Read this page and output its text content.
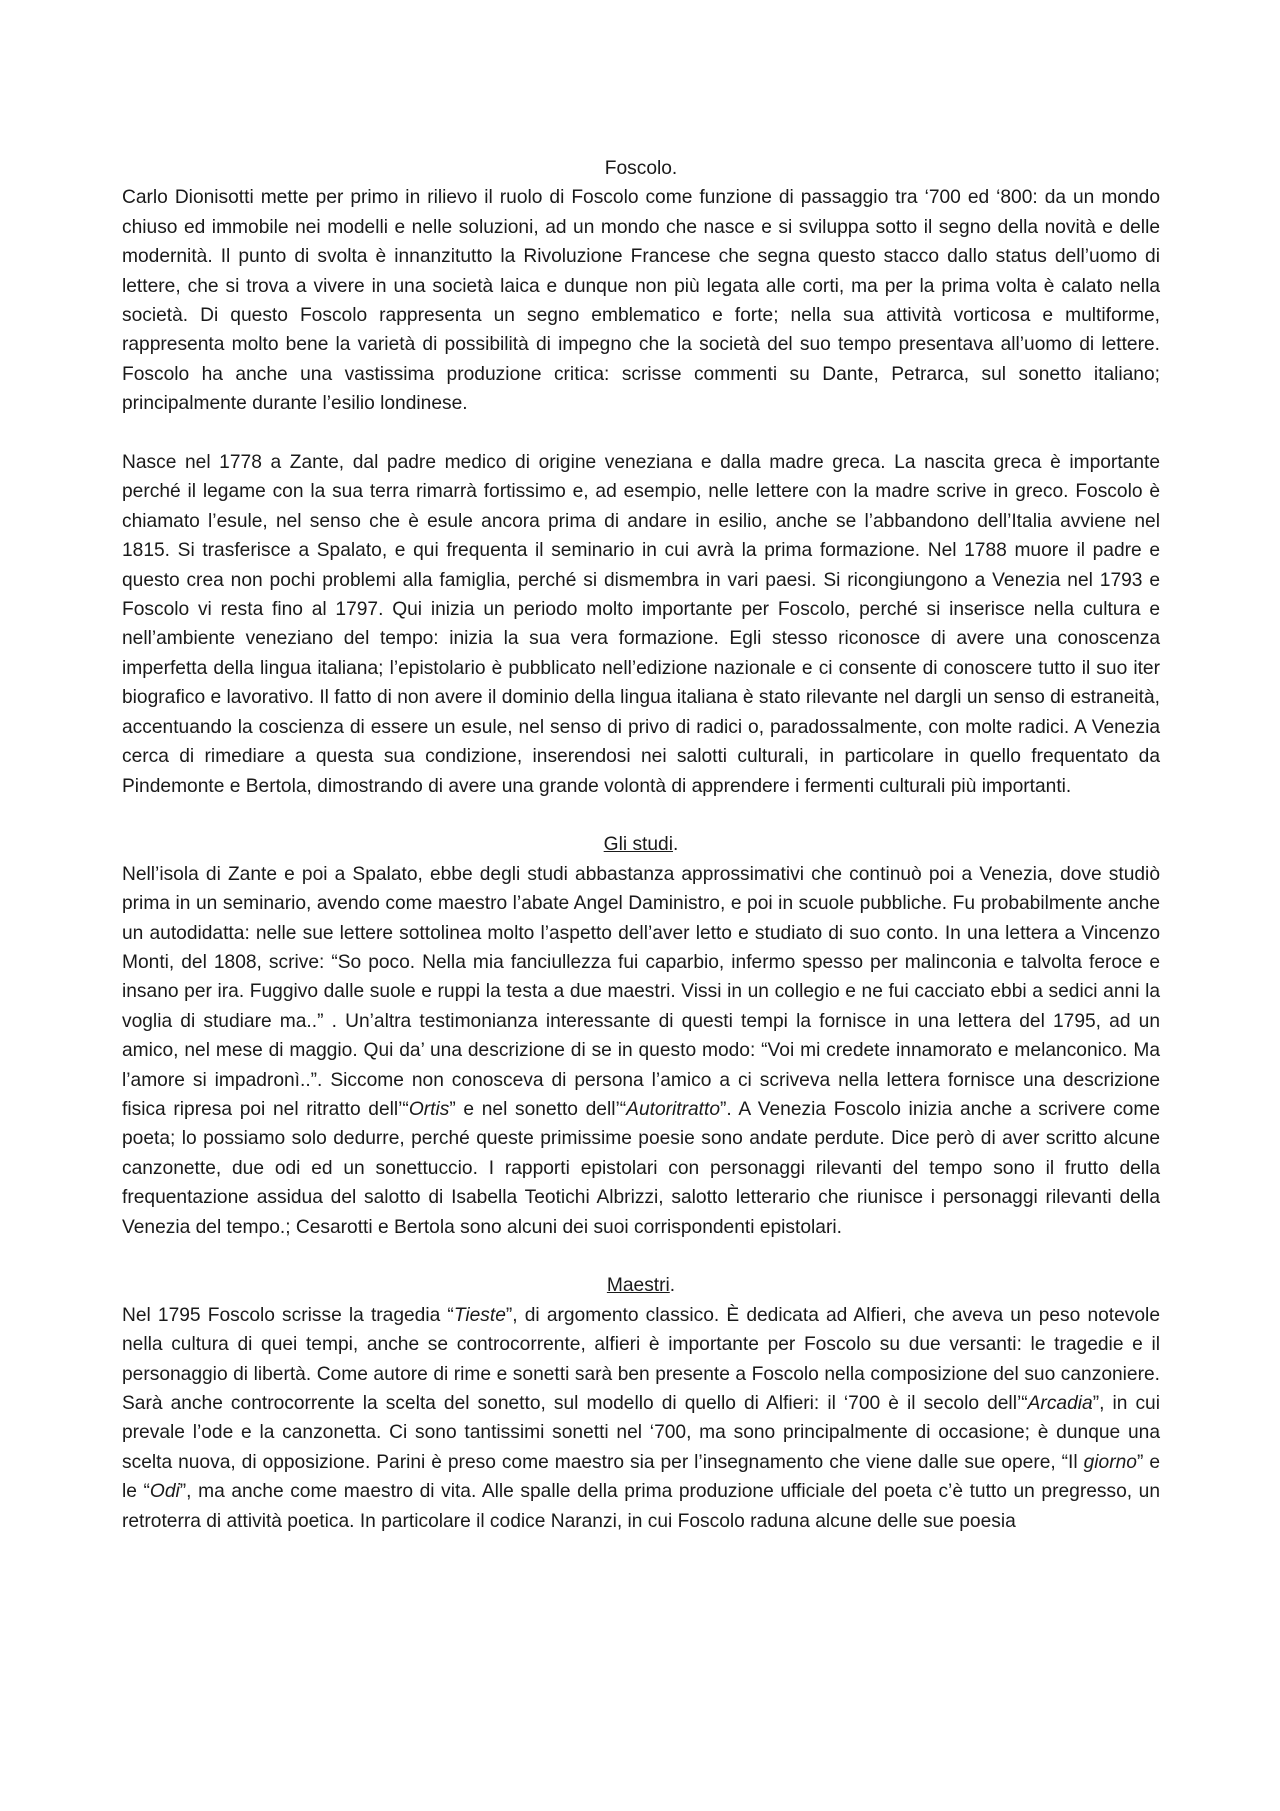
Foscolo.

Carlo Dionisotti mette per primo in rilievo il ruolo di Foscolo come funzione di passaggio tra ‘700 ed ‘800: da un mondo chiuso ed immobile nei modelli e nelle soluzioni, ad un mondo che nasce e si sviluppa sotto il segno della novità e delle modernità. Il punto di svolta è innanzitutto la Rivoluzione Francese che segna questo stacco dallo status dell’uomo di lettere, che si trova a vivere in una società laica e dunque non più legata alle corti, ma per la prima volta è calato nella società. Di questo Foscolo rappresenta un segno emblematico e forte; nella sua attività vorticosa e multiforme, rappresenta molto bene la varietà di possibilità di impegno che la società del suo tempo presentava all’uomo di lettere. Foscolo ha anche una vastissima produzione critica: scrisse commenti su Dante, Petrarca, sul sonetto italiano; principalmente durante l’esilio londinese.

Nasce nel 1778 a Zante, dal padre medico di origine veneziana e dalla madre greca. La nascita greca è importante perché il legame con la sua terra rimarrà fortissimo e, ad esempio, nelle lettere con la madre scrive in greco. Foscolo è chiamato l’esule, nel senso che è esule ancora prima di andare in esilio, anche se l’abbandono dell’Italia avviene nel 1815. Si trasferisce a Spalato, e qui frequenta il seminario in cui avrà la prima formazione. Nel 1788 muore il padre e questo crea non pochi problemi alla famiglia, perché si dismembra in vari paesi. Si ricongiungono a Venezia nel 1793 e Foscolo vi resta fino al 1797. Qui inizia un periodo molto importante per Foscolo, perché si inserisce nella cultura e nell’ambiente veneziano del tempo: inizia la sua vera formazione. Egli stesso riconosce di avere una conoscenza imperfetta della lingua italiana; l’epistolario è pubblicato nell’edizione nazionale e ci consente di conoscere tutto il suo iter biografico e lavorativo. Il fatto di non avere il dominio della lingua italiana è stato rilevante nel dargli un senso di estraneità, accentuando la coscienza di essere un esule, nel senso di privo di radici o, paradossalmente, con molte radici. A Venezia cerca di rimediare a questa sua condizione, inserendosi nei salotti culturali, in particolare in quello frequentato da Pindemonte e Bertola, dimostrando di avere una grande volontà di apprendere i fermenti culturali più importanti.

Gli studi.

Nell’isola di Zante e poi a Spalato, ebbe degli studi abbastanza approssimativi che continuò poi a Venezia, dove studiò prima in un seminario, avendo come maestro l’abate Angel Daministro, e poi in scuole pubbliche. Fu probabilmente anche un autodidatta: nelle sue lettere sottolinea molto l’aspetto dell’aver letto e studiato di suo conto. In una lettera a Vincenzo Monti, del 1808, scrive: “So poco. Nella mia fanciullezza fui caparbio, infermo spesso per malinconia e talvolta feroce e insano per ira. Fuggivo dalle suole e ruppi la testa a due maestri. Vissi in un collegio e ne fui cacciato ebbi a sedici anni la voglia di studiare ma..” . Un’altra testimonianza interessante di questi tempi la fornisce in una lettera del 1795, ad un amico, nel mese di maggio. Qui da’ una descrizione di se in questo modo: “Voi mi credete innamorato e melanconico. Ma l’amore si impadronì..”. Siccome non conosceva di persona l’amico a ci scriveva nella lettera fornisce una descrizione fisica ripresa poi nel ritratto dell’“Ortis” e nel sonetto dell’“Autoritratto”. A Venezia Foscolo inizia anche a scrivere come poeta; lo possiamo solo dedurre, perché queste primissime poesie sono andate perdute. Dice però di aver scritto alcune canzonette, due odi ed un sonettuccio. I rapporti epistolari con personaggi rilevanti del tempo sono il frutto della frequentazione assidua del salotto di Isabella Teotichi Albrizzi, salotto letterario che riunisce i personaggi rilevanti della Venezia del tempo.; Cesarotti e Bertola sono alcuni dei suoi corrispondenti epistolari.

Maestri.

Nel 1795 Foscolo scrisse la tragedia “Tieste”, di argomento classico. È dedicata ad Alfieri, che aveva un peso notevole nella cultura di quei tempi, anche se controcorrente, alfieri è importante per Foscolo su due versanti: le tragedie e il personaggio di libertà. Come autore di rime e sonetti sarà ben presente a Foscolo nella composizione del suo canzoniere. Sarà anche controcorrente la scelta del sonetto, sul modello di quello di Alfieri: il ‘700 è il secolo dell’“Arcadia”, in cui prevale l’ode e la canzonetta. Ci sono tantissimi sonetti nel ‘700, ma sono principalmente di occasione; è dunque una scelta nuova, di opposizione. Parini è preso come maestro sia per l’insegnamento che viene dalle sue opere, “Il giorno” e le “Odi”, ma anche come maestro di vita. Alle spalle della prima produzione ufficiale del poeta c’è tutto un pregresso, un retroterra di attività poetica. In particolare il codice Naranzi, in cui Foscolo raduna alcune delle sue poesia
